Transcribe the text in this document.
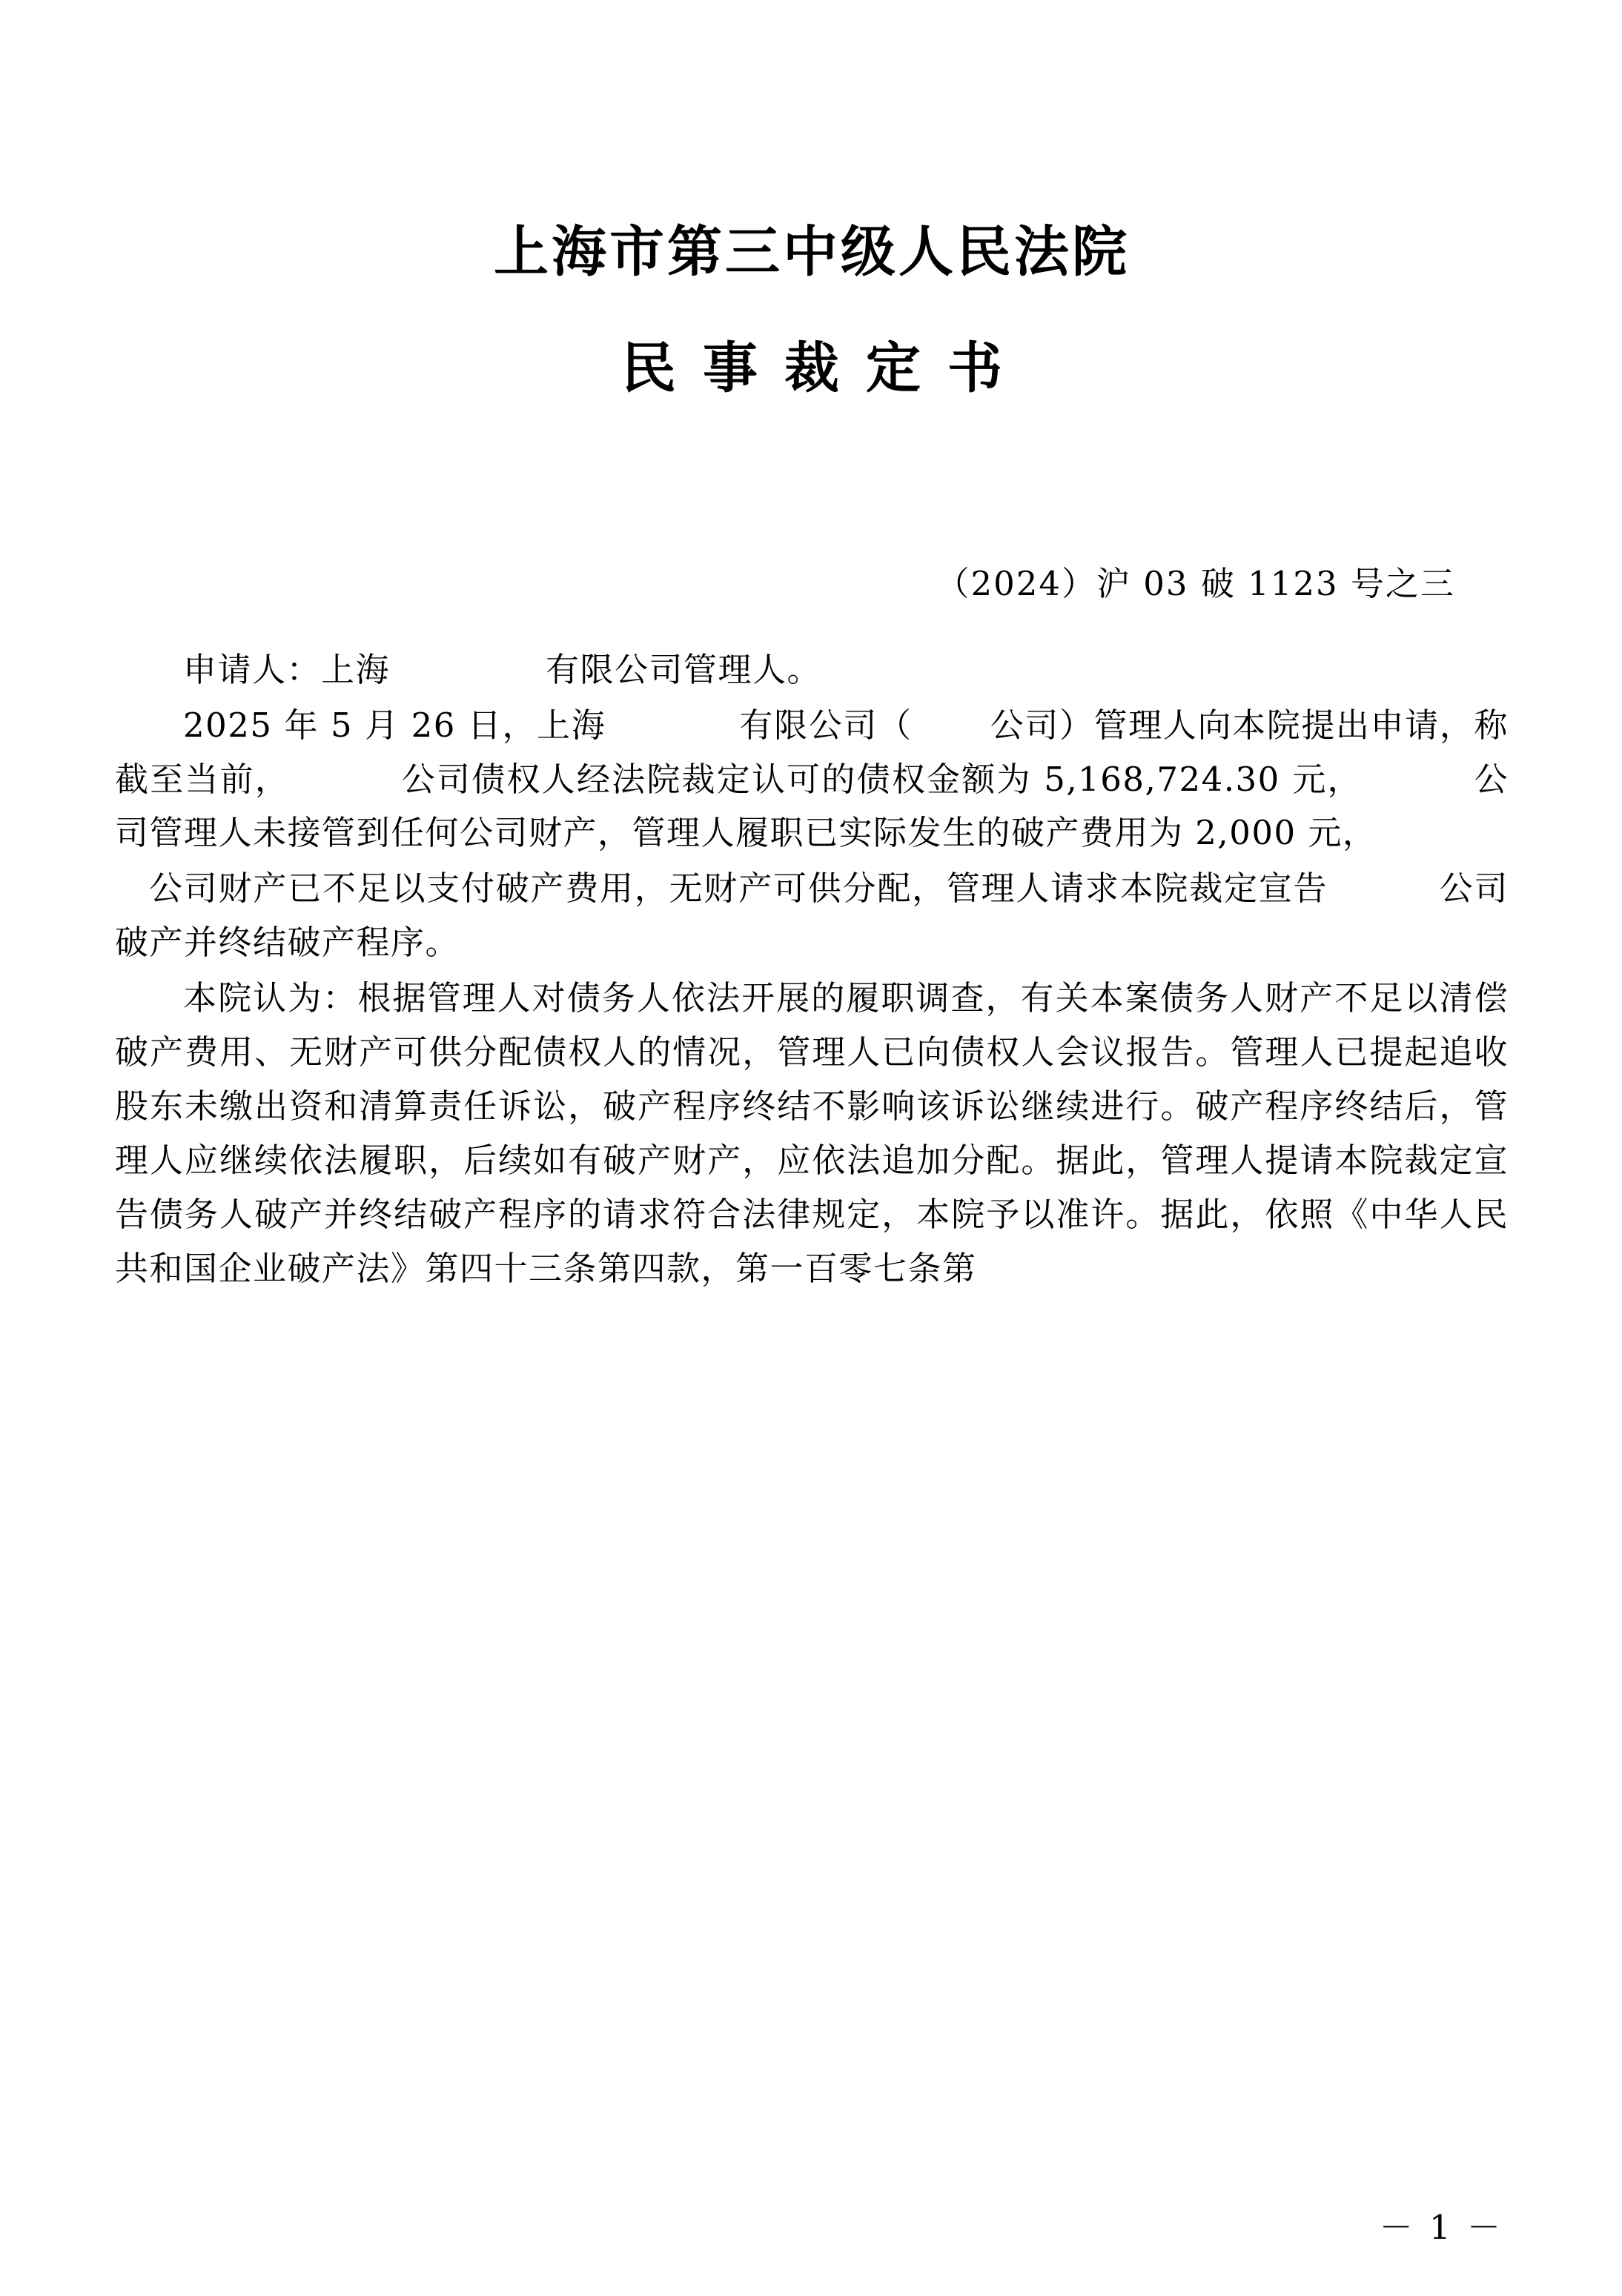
上海市第三中级人民法院
民事裁定书
（2024）沪 03 破 1123 号之三

申请人：上海	有限公司管理人。

2025 年 5 月 26 日，上海	有限公司（ 公司）管理人向本院提出申请，称截至当前，	公司债权人经法院裁定认可的债权金额为 5,168,724.30 元，	公司管理人未接管到任何公司财产，管理人履职已实际发生的破产费用为 2,000 元，

公司财产已不足以支付破产费用，无财产可供分配，管理人请求本院裁定宣告	公司破产并终结破产程序。

本院认为：根据管理人对债务人依法开展的履职调查，有关本案债务人财产不足以清偿破产费用、无财产可供分配债权人的情况，管理人已向债权人会议报告。管理人已提起追收股东未缴出资和清算责任诉讼，破产程序终结不影响该诉讼继续进行。破产程序终结后，管理人应继续依法履职，后续如有破产财产，应依法追加分配。据此，管理人提请本院裁定宣告债务人破产并终结破产程序的请求符合法律规定，本院予以准许。据此，依照《中华人民共和国企业破产法》第四十三条第四款，第一百零七条第

－ 1 －
